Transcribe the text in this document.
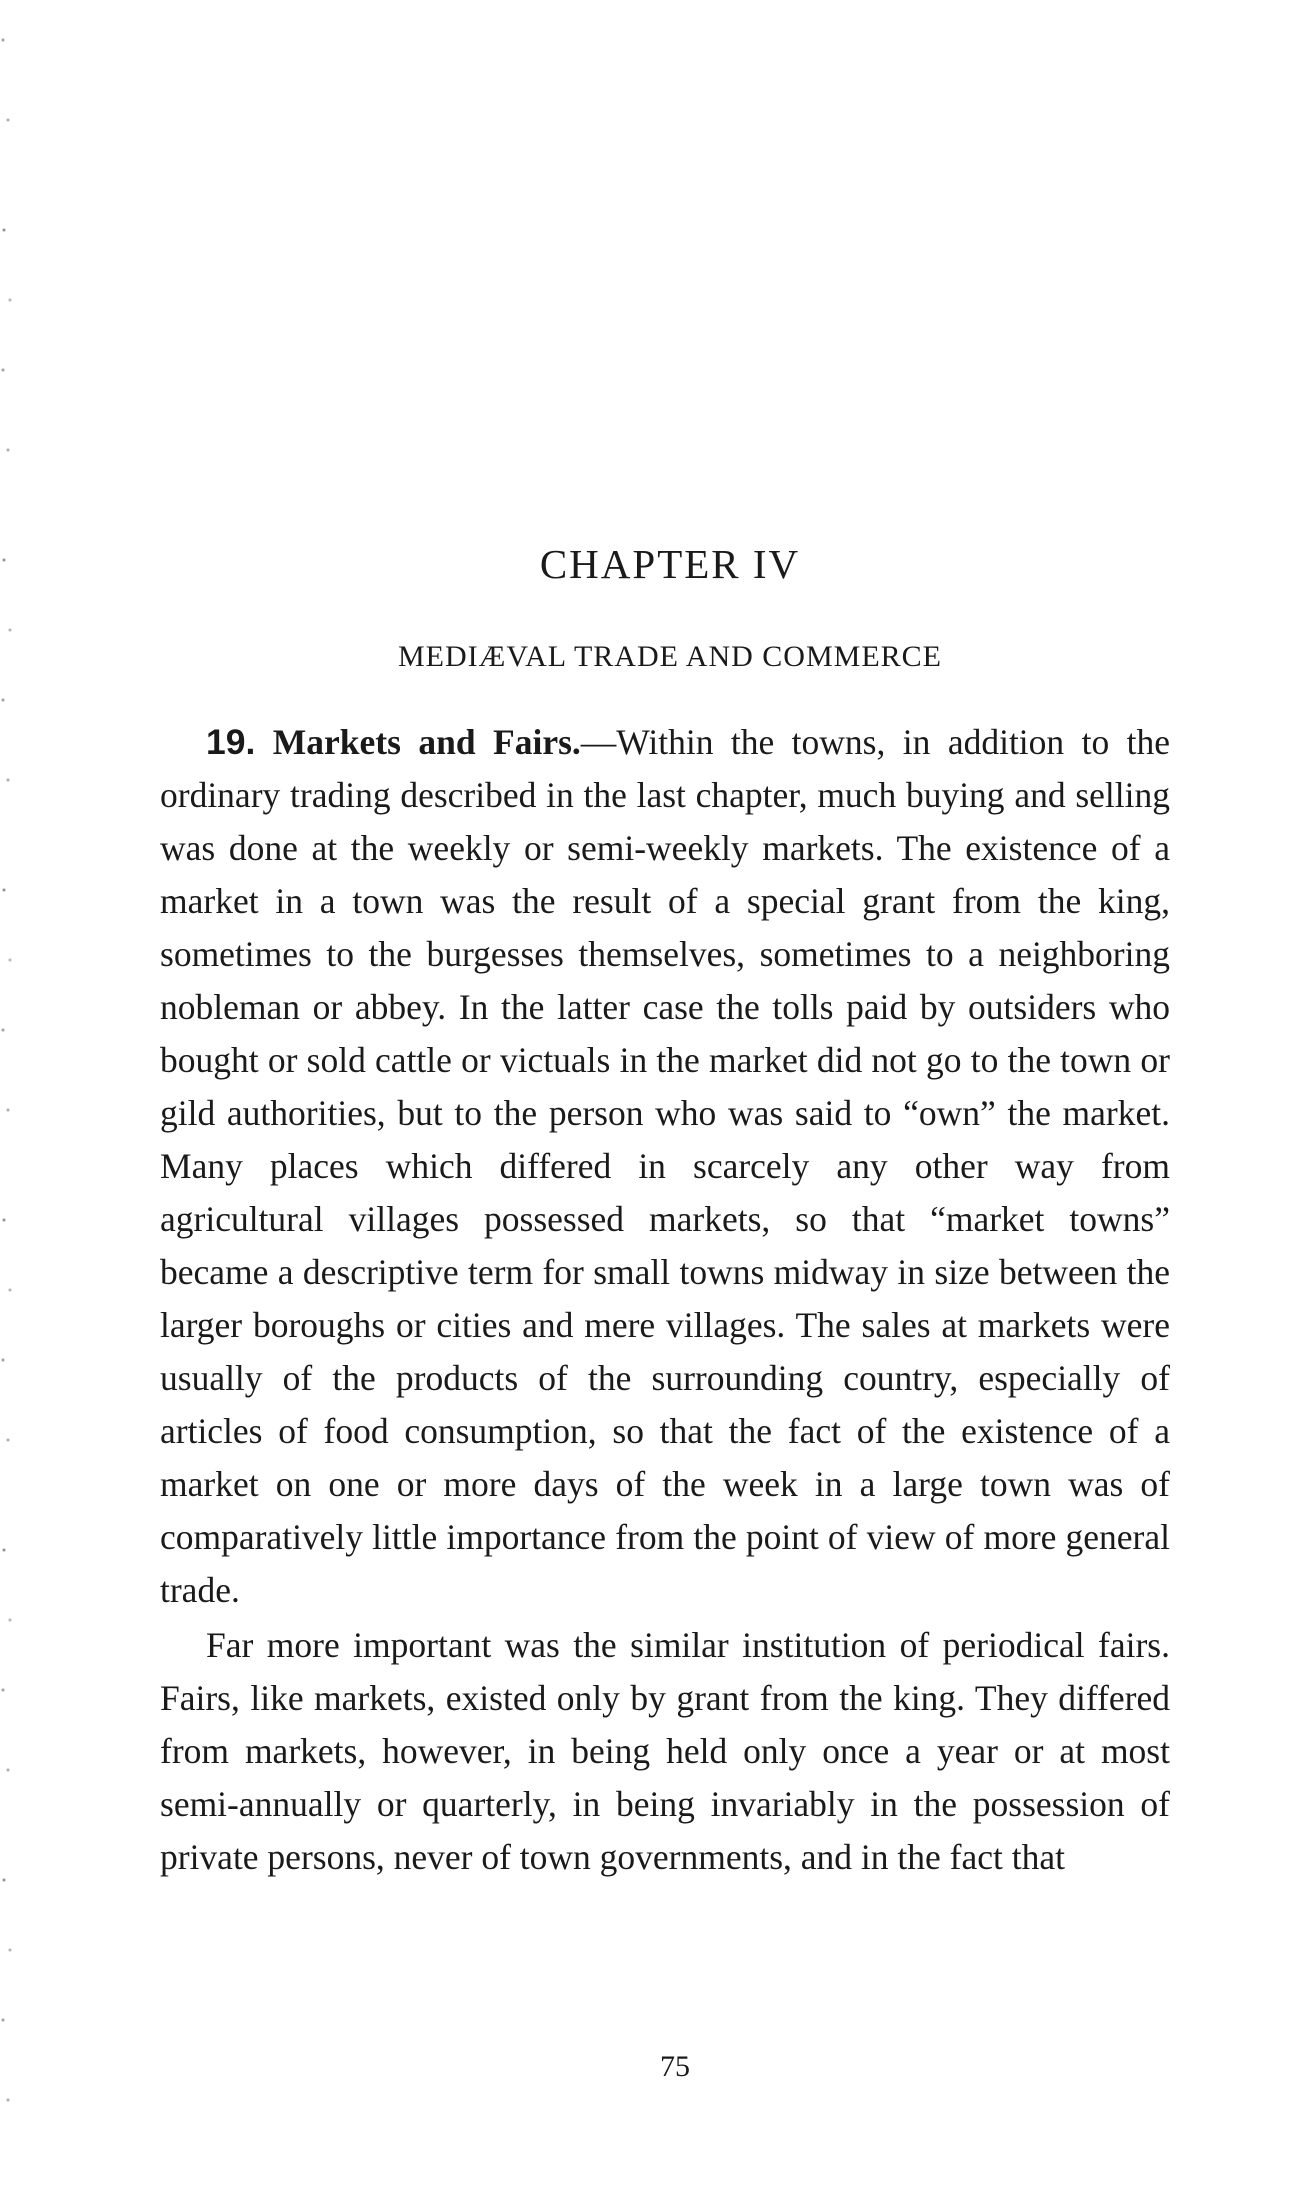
CHAPTER IV
MEDIÆVAL TRADE AND COMMERCE

19. Markets and Fairs.—Within the towns, in addition to the ordinary trading described in the last chapter, much buying and selling was done at the weekly or semi-weekly markets. The existence of a market in a town was the result of a special grant from the king, sometimes to the burgesses themselves, sometimes to a neighboring nobleman or abbey. In the latter case the tolls paid by outsiders who bought or sold cattle or victuals in the market did not go to the town or gild authorities, but to the person who was said to “own” the market. Many places which differed in scarcely any other way from agricultural villages possessed markets, so that “market towns” became a descriptive term for small towns midway in size between the larger boroughs or cities and mere villages. The sales at markets were usually of the products of the surrounding country, especially of articles of food consumption, so that the fact of the existence of a market on one or more days of the week in a large town was of comparatively little importance from the point of view of more general trade.

Far more important was the similar institution of periodical fairs. Fairs, like markets, existed only by grant from the king. They differed from markets, however, in being held only once a year or at most semi-annually or quarterly, in being invariably in the possession of private persons, never of town governments, and in the fact that

75
